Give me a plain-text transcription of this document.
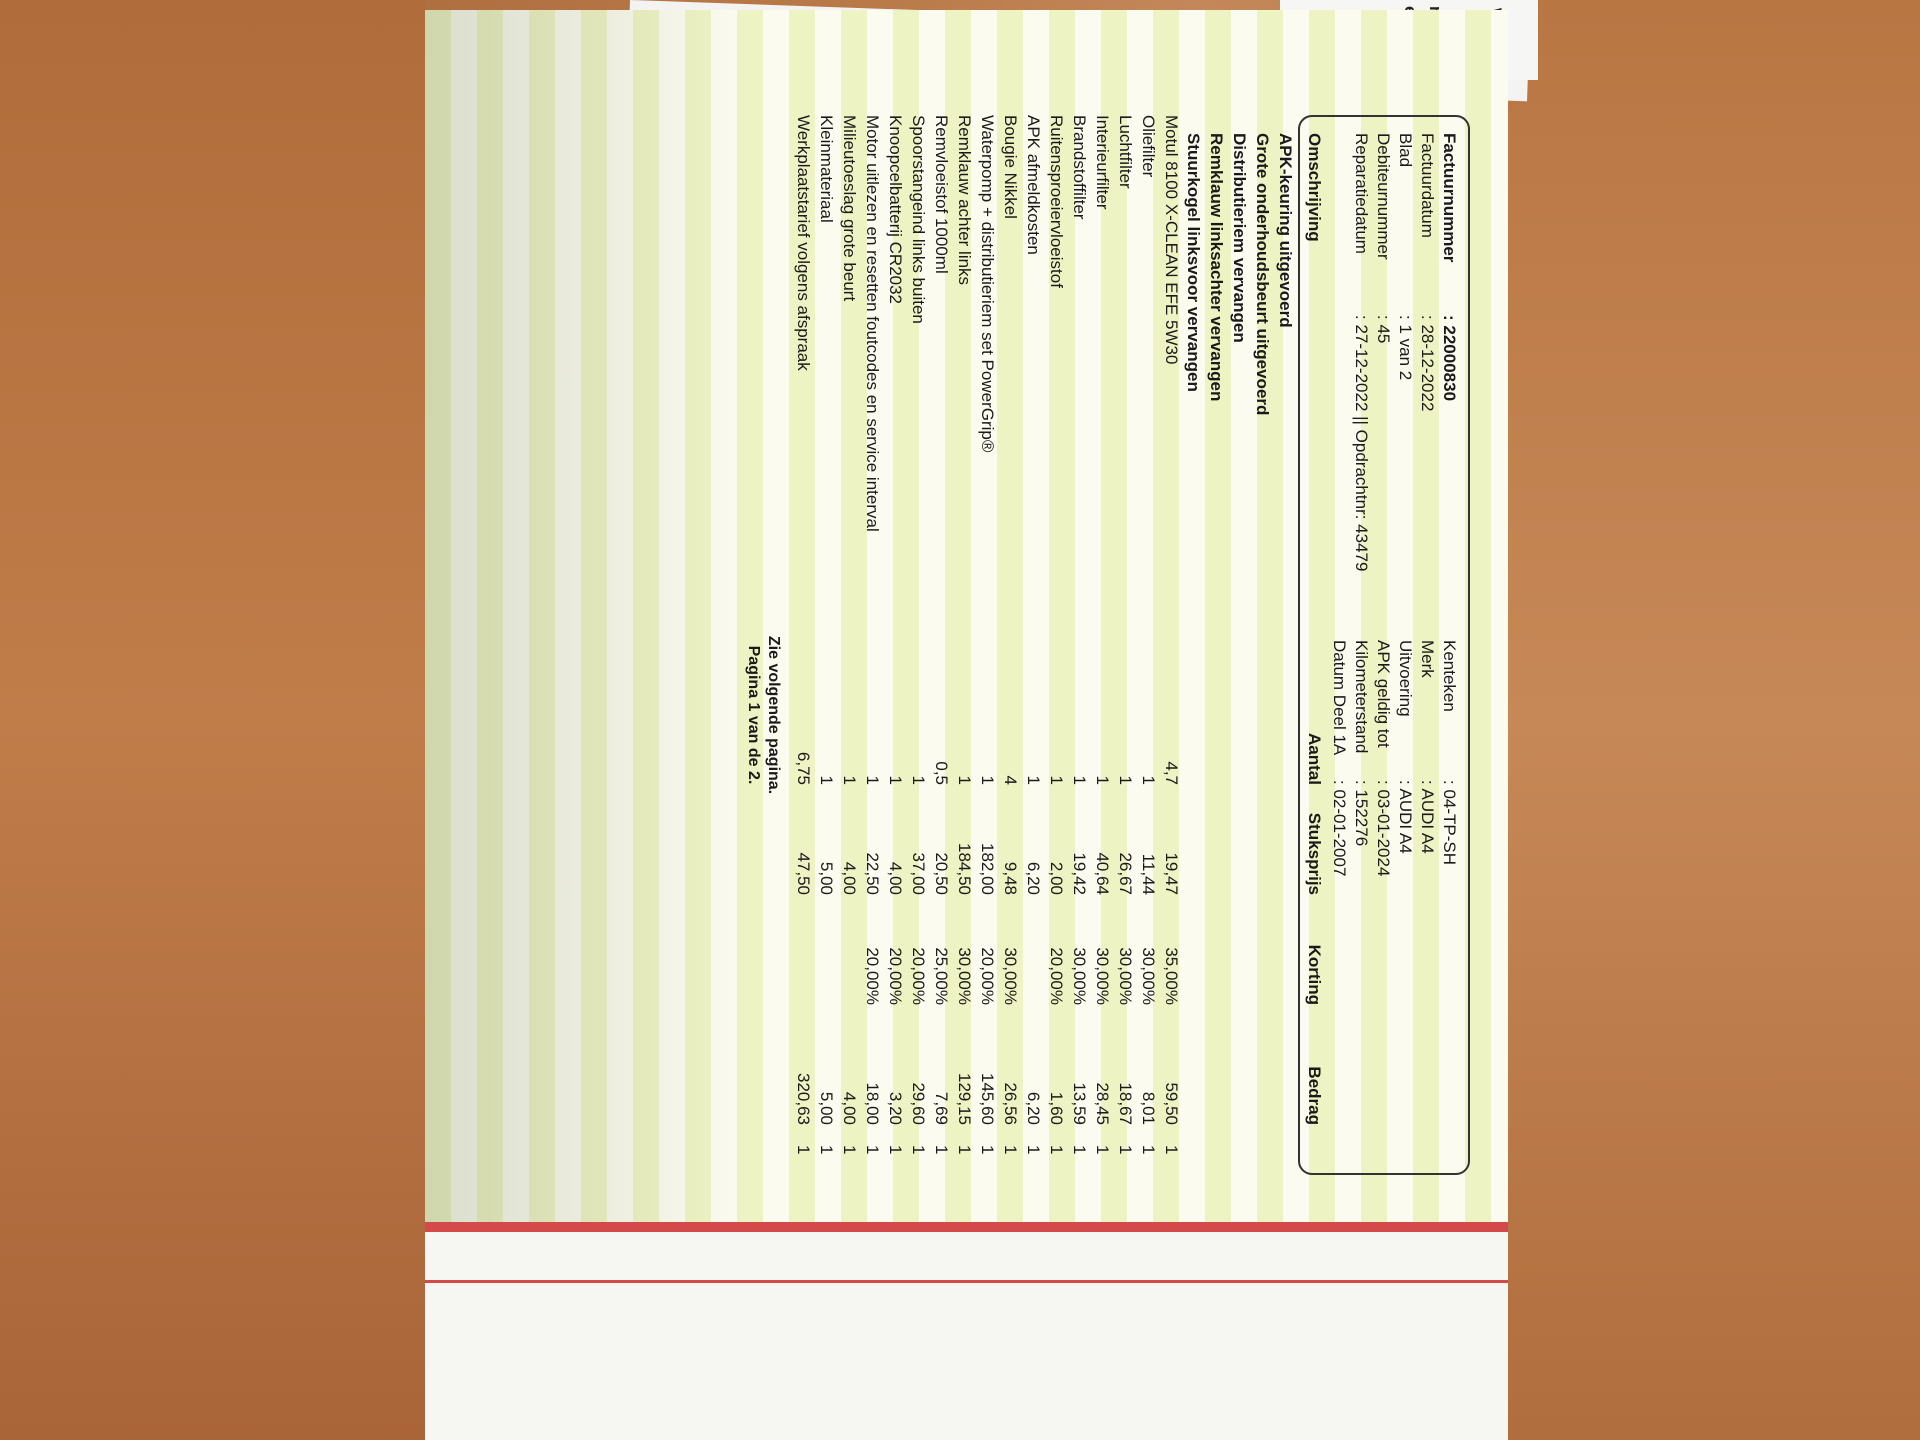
Factuurnummer
: 22000830
Factuurdatum
: 28-12-2022
Blad
: 1 van 2
Debiteurnummer
: 45
Reparatiedatum
: 27-12-2022 || Opdrachtnr: 43479
Kenteken
: 04-TP-SH
Merk
: AUDI A4
Uitvoering
: AUDI A4
APK geldig tot
: 03-01-2024
Kilometerstand
: 152276
Datum Deel 1A
: 02-01-2007
Omschrijving
Aantal
Stuksprijs
Korting
Bedrag
APK-keuring uitgevoerd
Grote onderhoudsbeurt uitgevoerd
Distributieriem vervangen
Remklauw linksachter vervangen
Stuurkogel linksvoor vervangen
Motul 8100 X-CLEAN EFE 5W30
4,7
19,47
35,00%
59,50
1
Oliefilter
1
11,44
30,00%
8,01
1
Luchtfilter
1
26,67
30,00%
18,67
1
Interieurfilter
1
40,64
30,00%
28,45
1
Brandstoffilter
1
19,42
30,00%
13,59
1
Ruitensproeiervloeistof
1
2,00
20,00%
1,60
1
APK afmeldkosten
1
6,20
6,20
1
Bougie Nikkel
4
9,48
30,00%
26,56
1
Waterpomp + distributieriem set PowerGrip®
1
182,00
20,00%
145,60
1
Remklauw achter links
1
184,50
30,00%
129,15
1
Remvloeistof 1000ml
0,5
20,50
25,00%
7,69
1
Spoorstangeind links buiten
1
37,00
20,00%
29,60
1
Knoopcelbatterij CR2032
1
4,00
20,00%
3,20
1
Motor uitlezen en resetten foutcodes en service interval
1
22,50
20,00%
18,00
1
Milieutoeslag grote beurt
1
4,00
4,00
1
Kleinmateriaal
1
5,00
5,00
1
Werkplaatstarief volgens afspraak
6,75
47,50
320,63
1
Zie volgende pagina.
Pagina 1 van de 2.
